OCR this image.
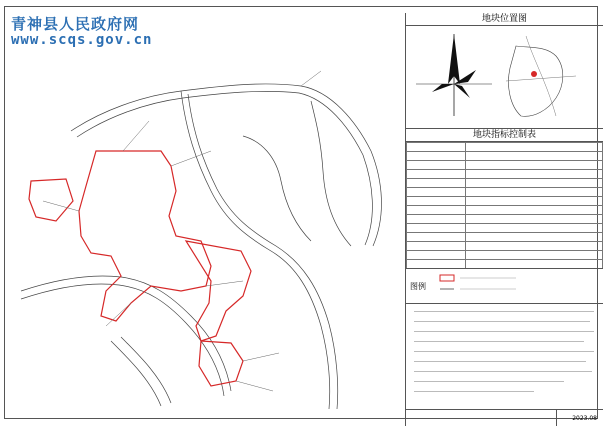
青神县人民政府网
www.scqs.gov.cn
地块位置图
地块指标控制表

图例
2023.08
